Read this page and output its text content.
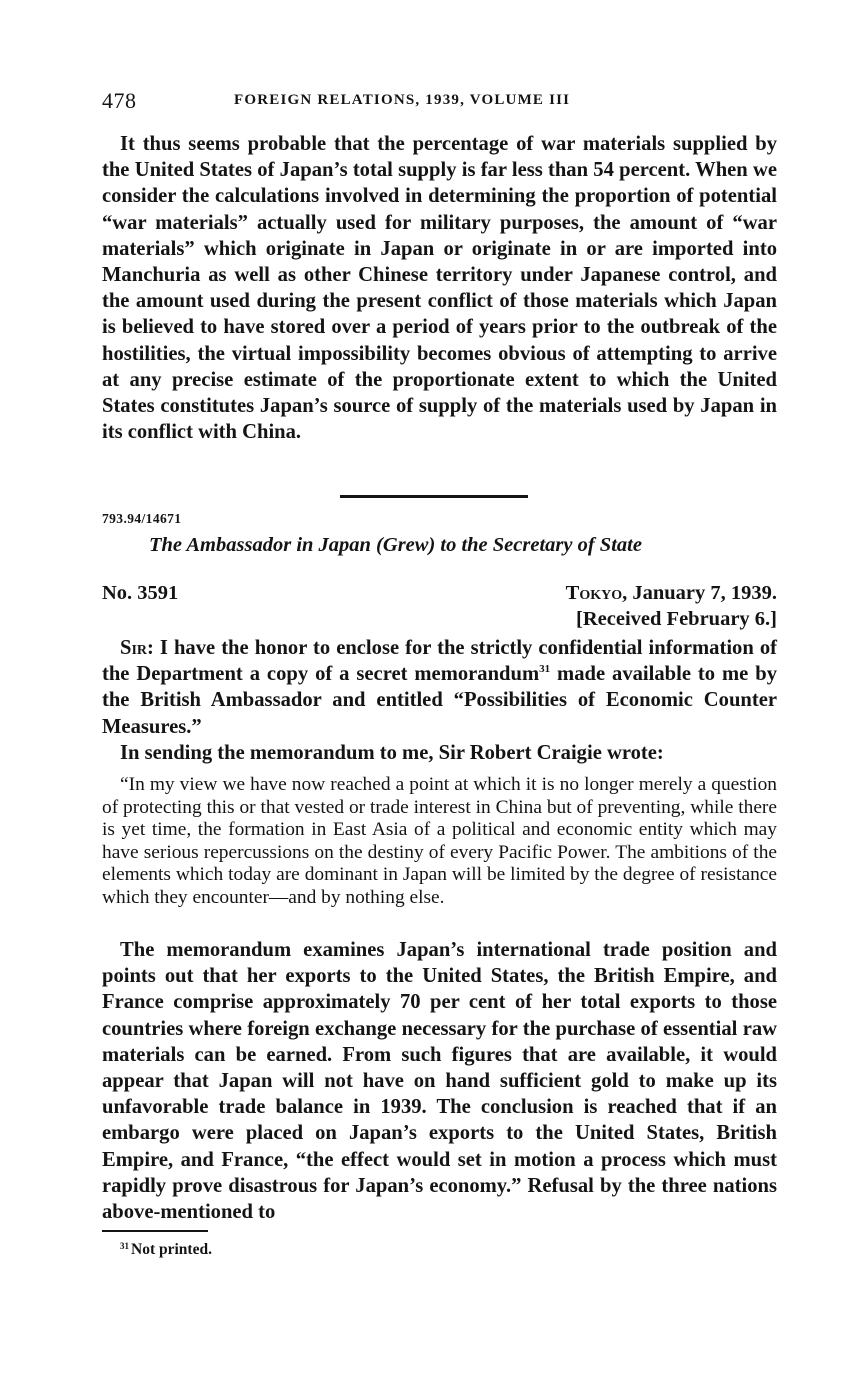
478	FOREIGN RELATIONS, 1939, VOLUME III

It thus seems probable that the percentage of war materials supplied by the United States of Japan’s total supply is far less than 54 percent. When we consider the calculations involved in determining the proportion of potential “war materials” actually used for military purposes, the amount of “war materials” which originate in Japan or originate in or are imported into Manchuria as well as other Chinese territory under Japanese control, and the amount used during the present conflict of those materials which Japan is believed to have stored over a period of years prior to the outbreak of the hostilities, the virtual impossibility becomes obvious of attempting to arrive at any precise estimate of the proportionate extent to which the United States constitutes Japan’s source of supply of the materials used by Japan in its conflict with China.

793.94/14671
The Ambassador in Japan (Grew) to the Secretary of State
No. 3591	Tokyo, January 7, 1939.
[Received February 6.]

Sir: I have the honor to enclose for the strictly confidential information of the Department a copy of a secret memorandum$^{31}$ made available to me by the British Ambassador and entitled “Possibilities of Economic Counter Measures.”

In sending the memorandum to me, Sir Robert Craigie wrote:

“In my view we have now reached a point at which it is no longer merely a question of protecting this or that vested or trade interest in China but of preventing, while there is yet time, the formation in East Asia of a political and economic entity which may have serious repercussions on the destiny of every Pacific Power. The ambitions of the elements which today are dominant in Japan will be limited by the degree of resistance which they encounter—and by nothing else.

The memorandum examines Japan’s international trade position and points out that her exports to the United States, the British Empire, and France comprise approximately 70 per cent of her total exports to those countries where foreign exchange necessary for the purchase of essential raw materials can be earned. From such figures that are available, it would appear that Japan will not have on hand sufficient gold to make up its unfavorable trade balance in 1939. The conclusion is reached that if an embargo were placed on Japan’s exports to the United States, British Empire, and France, “the effect would set in motion a process which must rapidly prove disastrous for Japan’s economy.” Refusal by the three nations above-mentioned to

$^{31}$ Not printed.
